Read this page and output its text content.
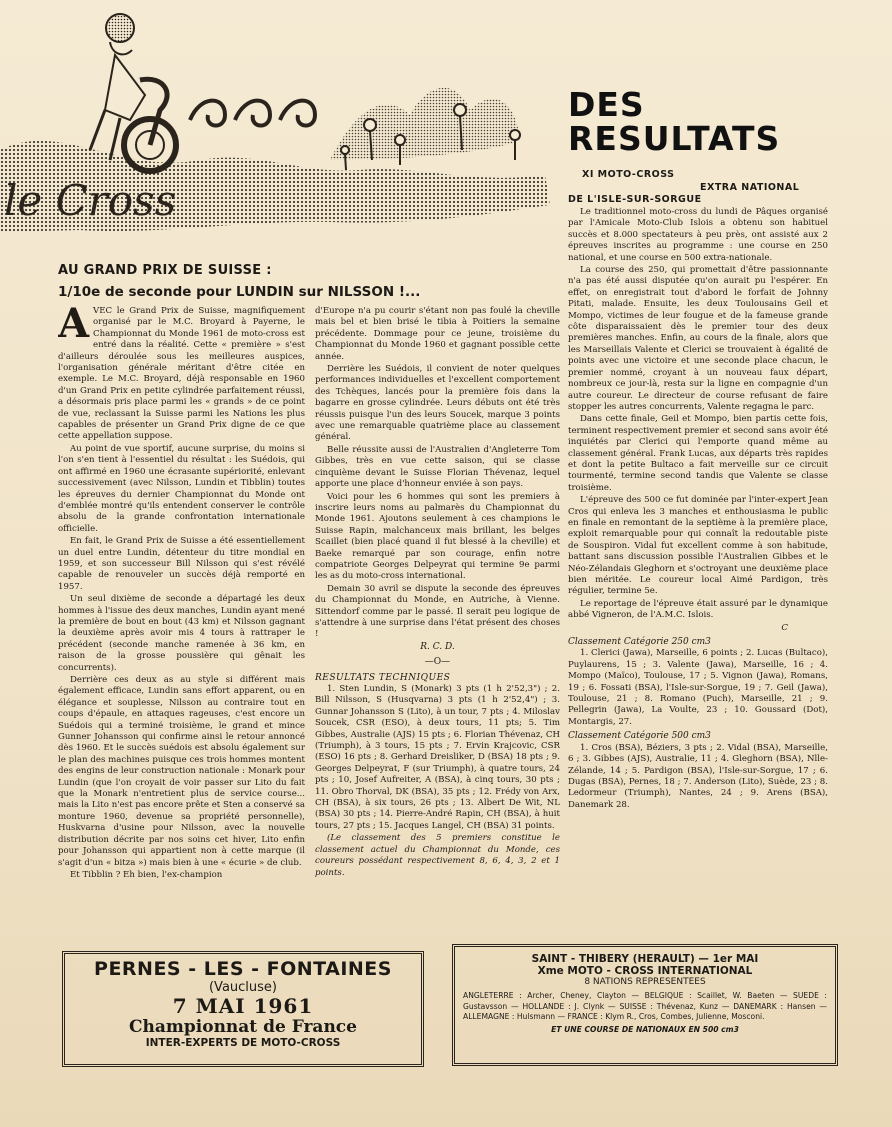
le Cross
DES
RESULTATS
XI MOTO-CROSS
EXTRA NATIONAL
DE L'ISLE-SUR-SORGUE
AU GRAND PRIX DE SUISSE :
1/10e de seconde pour LUNDIN sur NILSSON !...
A VEC le Grand Prix de Suisse, magnifiquement organisé par le M.C. Broyard à Payerne, le Championnat du Monde 1961 de moto-cross est entré dans la réalité. Cette « première » s'est d'ailleurs déroulée sous les meilleures auspices, l'organisation générale méritant d'être citée en exemple. Le M.C. Broyard, déjà responsable en 1960 d'un Grand Prix en petite cylindrée parfaitement réussi, a désormais pris place parmi les « grands » de ce point de vue, reclassant la Suisse parmi les Nations les plus capables de présenter un Grand Prix digne de ce que cette appellation suppose.

Au point de vue sportif, aucune surprise, du moins si l'on s'en tient à l'essentiel du résultat : les Suédois, qui ont affirmé en 1960 une écrasante supériorité, enlevant successivement (avec Nilsson, Lundin et Tibblin) toutes les épreuves du dernier Championnat du Monde ont d'emblée montré qu'ils entendent conserver le contrôle absolu de la grande confrontation internationale officielle.

En fait, le Grand Prix de Suisse a été essentiellement un duel entre Lundin, détenteur du titre mondial en 1959, et son successeur Bill Nilsson qui s'est révélé capable de renouveler un succès déjà remporté en 1957.

Un seul dixième de seconde a départagé les deux hommes à l'issue des deux manches, Lundin ayant mené la première de bout en bout (43 km) et Nilsson gagnant la deuxième après avoir mis 4 tours à rattraper le précédent (seconde manche ramenée à 36 km, en raison de la grosse poussière qui gênait les concurrents).

Derrière ces deux as au style si différent mais également efficace, Lundin sans effort apparent, ou en élégance et souplesse, Nilsson au contraire tout en coups d'épaule, en attaques rageuses, c'est encore un Suédois qui a terminé troisième, le grand et mince Gunner Johansson qui confirme ainsi le retour annoncé dès 1960. Et le succès suédois est absolu également sur le plan des machines puisque ces trois hommes montent des engins de leur construction nationale : Monark pour Lundin (que l'on croyait de voir passer sur Lito du fait que la Monark n'entretient plus de service course... mais la Lito n'est pas encore prête et Sten a conservé sa monture 1960, devenue sa propriété personnelle), Huskvarna d'usine pour Nilsson, avec la nouvelle distribution décrite par nos soins cet hiver, Lito enfin pour Johansson qui appartient non à cette marque (il s'agit d'un « bitza ») mais bien à une « écurie » de club.

Et Tibblin ? Eh bien, l'ex-champion

d'Europe n'a pu courir s'étant non pas foulé la cheville mais bel et bien brisé le tibia à Poitiers la semaine précédente. Dommage pour ce jeune, troisième du Championnat du Monde 1960 et gagnant possible cette année.

Derrière les Suédois, il convient de noter quelques performances individuelles et l'excellent comportement des Tchèques, lancés pour la première fois dans la bagarre en grosse cylindrée. Leurs débuts ont été très réussis puisque l'un des leurs Soucek, marque 3 points avec une remarquable quatrième place au classement général.

Belle réussite aussi de l'Australien d'Angleterre Tom Gibbes, très en vue cette saison, qui se classe cinquième devant le Suisse Florian Thévenaz, lequel apporte une place d'honneur enviée à son pays.

Voici pour les 6 hommes qui sont les premiers à inscrire leurs noms au palmarès du Championnat du Monde 1961. Ajoutons seulement à ces champions le Suisse Rapin, malchanceux mais brillant, les belges Scaillet (bien placé quand il fut blessé à la cheville) et Baeke remarqué par son courage, enfin notre compatriote Georges Delpeyrat qui termine 9e parmi les as du moto-cross international.

Demain 30 avril se dispute la seconde des épreuves du Championnat du Monde, en Autriche, à Vienne. Sittendorf comme par le passé. Il serait peu logique de s'attendre à une surprise dans l'état présent des choses !

R. C. D.
—O—
RESULTATS TECHNIQUES

1. Sten Lundin, S (Monark) 3 pts (1 h 2'52,3") ; 2. Bill Nilsson, S (Husqvarna) 3 pts (1 h 2'52,4") ; 3. Gunnar Johansson S (Lito), à un tour, 7 pts ; 4. Miloslav Soucek, CSR (ESO), à deux tours, 11 pts; 5. Tim Gibbes, Australie (AJS) 15 pts ; 6. Florian Thévenaz, CH (Triumph), à 3 tours, 15 pts ; 7. Ervin Krajcovic, CSR (ESO) 16 pts ; 8. Gerhard Dreisliker, D (BSA) 18 pts ; 9. Georges Delpeyrat, F (sur Triumph), à quatre tours, 24 pts ; 10, Josef Aufreiter, A (BSA), à cinq tours, 30 pts ; 11. Obro Thorval, DK (BSA), 35 pts ; 12. Frédy von Arx, CH (BSA), à six tours, 26 pts ; 13. Albert De Wit, NL (BSA) 30 pts ; 14. Pierre-André Rapin, CH (BSA), à huit tours, 27 pts ; 15. Jacques Langel, CH (BSA) 31 points.

(Le classement des 5 premiers constitue le classement actuel du Championnat du Monde, ces coureurs possédant respectivement 8, 6, 4, 3, 2 et 1 points.

Le traditionnel moto-cross du lundi de Pâques organisé par l'Amicale Moto-Club Islois a obtenu son habituel succès et 8.000 spectateurs à peu près, ont assisté aux 2 épreuves inscrites au programme : une course en 250 national, et une course en 500 extra-nationale.

La course des 250, qui promettait d'être passionnante n'a pas été aussi disputée qu'on aurait pu l'espérer. En effet, on enregistrait tout d'abord le forfait de Johnny Pitati, malade. Ensuite, les deux Toulousains Geil et Mompo, victimes de leur fougue et de la fameuse grande côte disparaissaient dès le premier tour des deux premières manches. Enfin, au cours de la finale, alors que les Marseillais Valente et Clerici se trouvaient à égalité de points avec une victoire et une seconde place chacun, le premier nommé, croyant à un nouveau faux départ, nombreux ce jour-là, resta sur la ligne en compagnie d'un autre coureur. Le directeur de course refusant de faire stopper les autres concurrents, Valente regagna le parc.

Dans cette finale, Geil et Mompo, bien partis cette fois, terminent respectivement premier et second sans avoir été inquiétés par Clerici qui l'emporte quand même au classement général. Frank Lucas, aux départs très rapides et dont la petite Bultaco a fait merveille sur ce circuit tourmenté, termine second tandis que Valente se classe troisième.

L'épreuve des 500 ce fut dominée par l'inter-expert Jean Cros qui enleva les 3 manches et enthousiasma le public en finale en remontant de la septième à la première place, exploit remarquable pour qui connaît la redoutable piste de Souspiron. Vidal fut excellent comme à son habitude, battant sans discussion possible l'Australien Gibbes et le Néo-Zélandais Gleghorn et s'octroyant une deuxième place bien méritée. Le coureur local Aimé Pardigon, très régulier, termine 5e.

Le reportage de l'épreuve était assuré par le dynamique abbé Vigneron, de l'A.M.C. Islois.

C
Classement Catégorie 250 cm3

1. Clerici (Jawa), Marseille, 6 points ; 2. Lucas (Bultaco), Puylaurens, 15 ; 3. Valente (Jawa), Marseille, 16 ; 4. Mompo (Maïco), Toulouse, 17 ; 5. Vignon (Jawa), Romans, 19 ; 6. Fossati (BSA), l'Isle-sur-Sorgue, 19 ; 7. Geil (Jawa), Toulouse, 21 ; 8. Romano (Puch), Marseille, 21 ; 9. Pellegrin (Jawa), La Voulte, 23 ; 10. Goussard (Dot), Montargis, 27.

Classement Catégorie 500 cm3

1. Cros (BSA), Béziers, 3 pts ; 2. Vidal (BSA), Marseille, 6 ; 3. Gibbes (AJS), Australie, 11 ; 4. Gleghorn (BSA), Nlle-Zélande, 14 ; 5. Pardigon (BSA), l'Isle-sur-Sorgue, 17 ; 6. Dugas (BSA), Pernes, 18 ; 7. Anderson (Lito), Suède, 23 ; 8. Ledormeur (Triumph), Nantes, 24 ; 9. Arens (BSA), Danemark 28.

PERNES - LES - FONTAINES
(Vaucluse)
7 MAI 1961
Championnat de France
INTER-EXPERTS DE MOTO-CROSS
SAINT - THIBERY (HERAULT) — 1er MAI
Xme MOTO - CROSS INTERNATIONAL
8 NATIONS REPRESENTEES
ANGLETERRE : Archer, Cheney, Clayton — BELGIQUE : Scaillet, W. Baeten — SUEDE : Gustavsson — HOLLANDE : J. Clynk — SUISSE : Thévenaz, Kunz — DANEMARK : Hansen — ALLEMAGNE : Hulsmann — FRANCE : Klym R., Cros, Combes, Julienne, Mosconi.
ET UNE COURSE DE NATIONAUX EN 500 cm3
